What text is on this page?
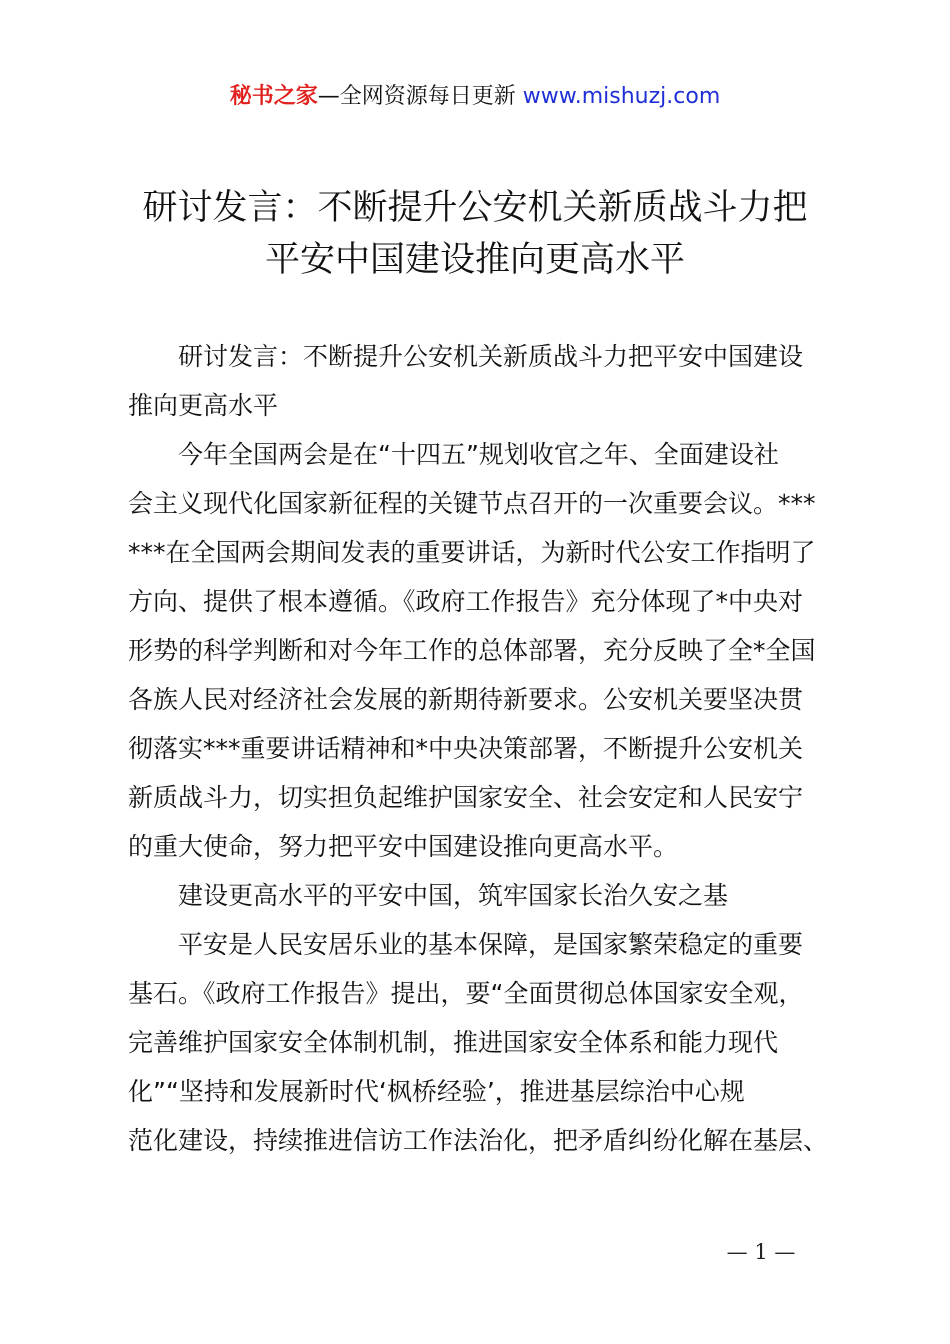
秘书之家—全网资源每日更新 www.mishuzj.com
研讨发言：不断提升公安机关新质战斗力把
平安中国建设推向更高水平
研讨发言：不断提升公安机关新质战斗力把平安中国建设
推向更高水平
今年全国两会是在“十四五”规划收官之年、全面建设社
会主义现代化国家新征程的关键节点召开的一次重要会议。***
***在全国两会期间发表的重要讲话，为新时代公安工作指明了
方向、提供了根本遵循。《政府工作报告》充分体现了*中央对
形势的科学判断和对今年工作的总体部署，充分反映了全*全国
各族人民对经济社会发展的新期待新要求。公安机关要坚决贯
彻落实***重要讲话精神和*中央决策部署，不断提升公安机关
新质战斗力，切实担负起维护国家安全、社会安定和人民安宁
的重大使命，努力把平安中国建设推向更高水平。
建设更高水平的平安中国，筑牢国家长治久安之基
平安是人民安居乐业的基本保障，是国家繁荣稳定的重要
基石。《政府工作报告》提出，要“全面贯彻总体国家安全观，
完善维护国家安全体制机制，推进国家安全体系和能力现代
化”“坚持和发展新时代‘枫桥经验’，推进基层综治中心规
范化建设，持续推进信访工作法治化，把矛盾纠纷化解在基层、
— 1 —
